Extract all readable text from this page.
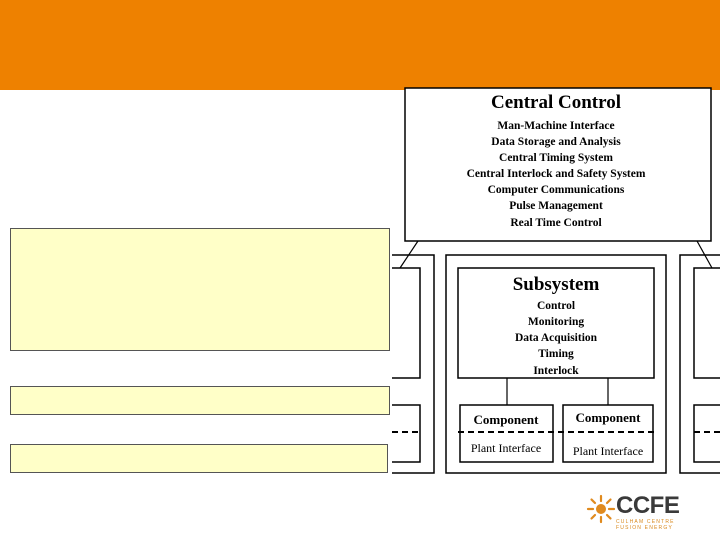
Central Control
Man-Machine Interface
Data Storage and Analysis
Central Timing System
Central Interlock and Safety System
Computer Communications
Pulse Management
Real Time Control
Subsystem
Control
Monitoring
Data Acquisition
Timing
Interlock
Component
Plant Interface
Component
Plant Interface
CCFE
CULHAM CENTRE
FUSION ENERGY
